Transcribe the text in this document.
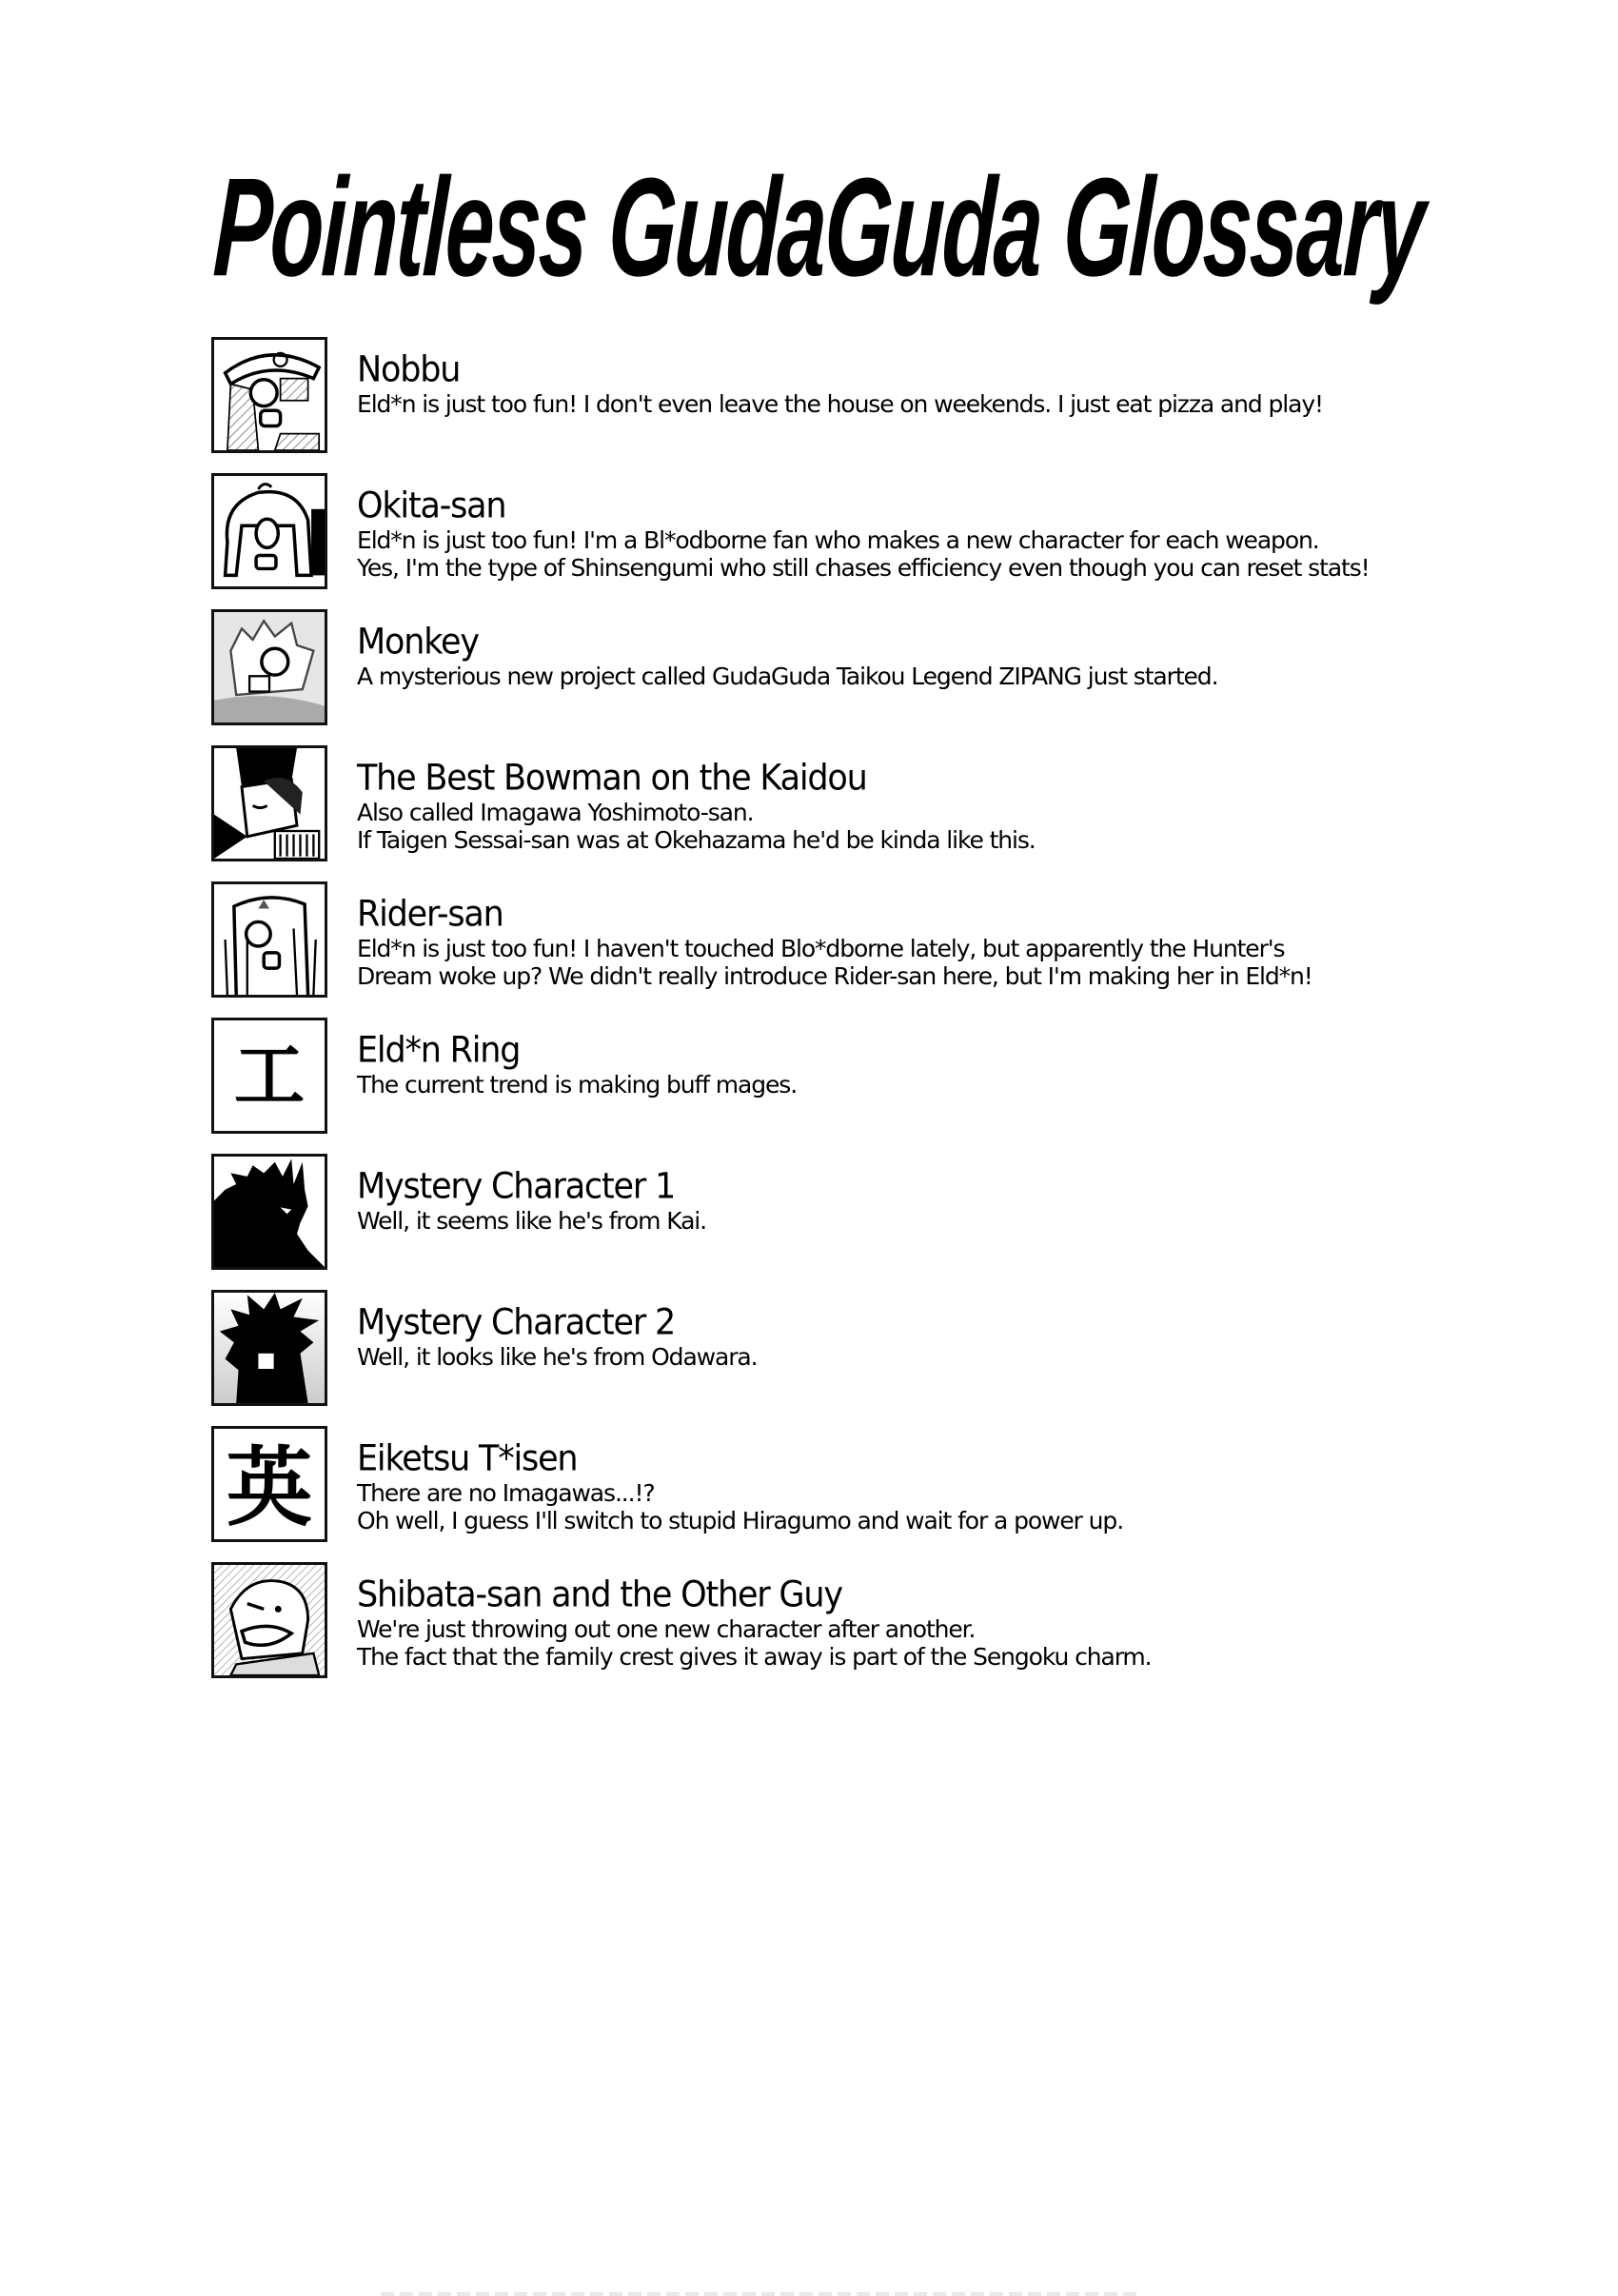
Pointless GudaGuda Glossary
Nobbu
Eld*n is just too fun! I don't even leave the house on weekends. I just eat pizza and play!
Okita-san
Eld*n is just too fun! I'm a Bl*odborne fan who makes a new character for each weapon.
Yes, I'm the type of Shinsengumi who still chases efficiency even though you can reset stats!
Monkey
A mysterious new project called GudaGuda Taikou Legend ZIPANG just started.
The Best Bowman on the Kaidou
Also called Imagawa Yoshimoto-san.
If Taigen Sessai-san was at Okehazama he'd be kinda like this.
Rider-san
Eld*n is just too fun! I haven't touched Blo*dborne lately, but apparently the Hunter's
Dream woke up? We didn't really introduce Rider-san here, but I'm making her in Eld*n!
工 Eld*n Ring
The current trend is making buff mages.
Mystery Character 1
Well, it seems like he's from Kai.
Mystery Character 2
Well, it looks like he's from Odawara.
英 Eiketsu T*isen
There are no Imagawas...!?
Oh well, I guess I'll switch to stupid Hiragumo and wait for a power up.
Shibata-san and the Other Guy
We're just throwing out one new character after another.
The fact that the family crest gives it away is part of the Sengoku charm.
